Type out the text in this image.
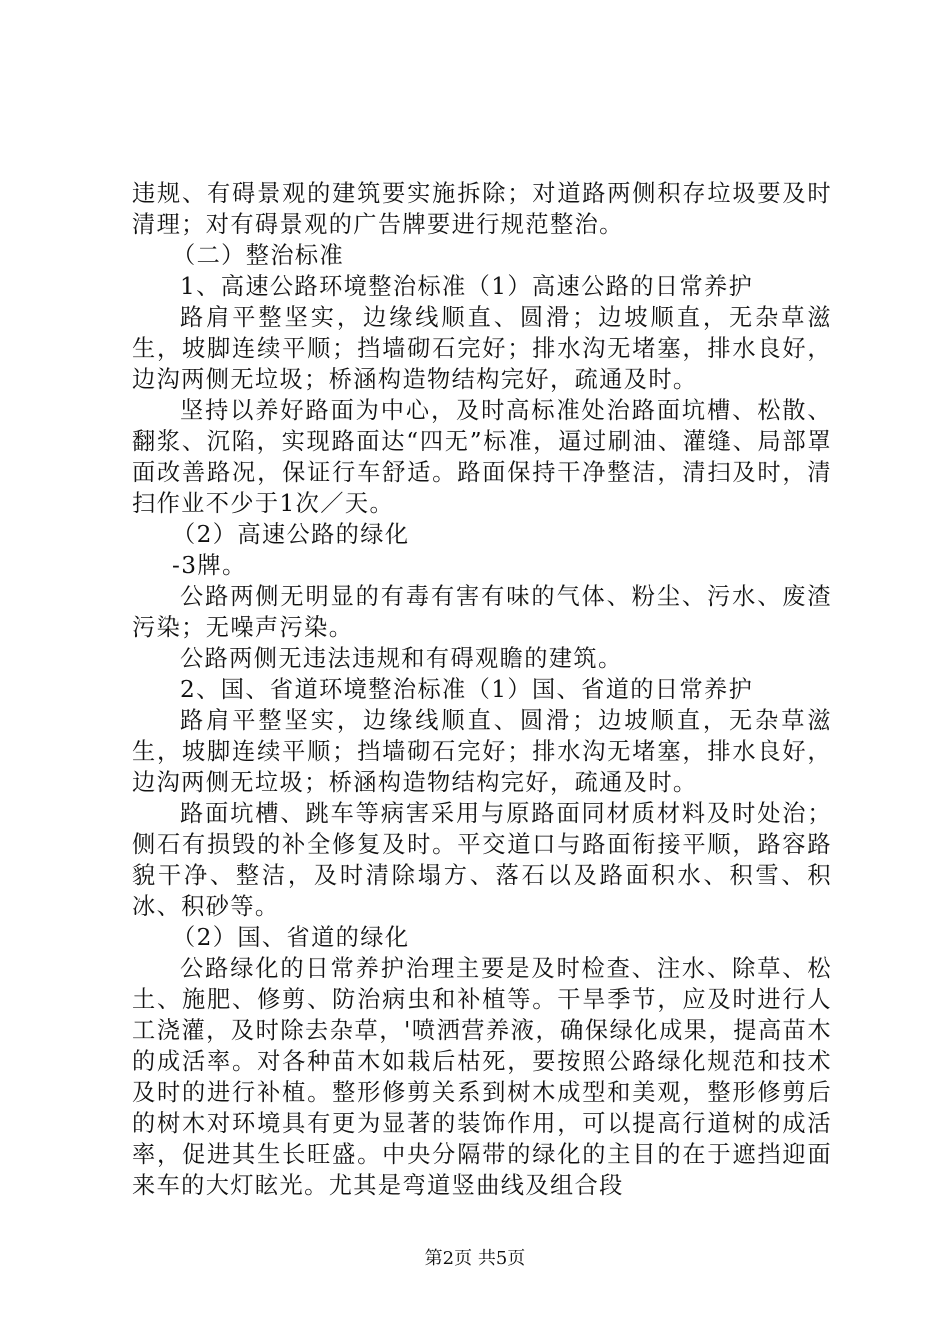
违规、有碍景观的建筑要实施拆除；对道路两侧积存垃圾要及时清理；对有碍景观的广告牌要进行规范整治。

（二）整治标准

1、高速公路环境整治标准（1）高速公路的日常养护

路肩平整坚实，边缘线顺直、圆滑；边坡顺直，无杂草滋生，坡脚连续平顺；挡墙砌石完好；排水沟无堵塞，排水良好，边沟两侧无垃圾；桥涵构造物结构完好，疏通及时。

坚持以养好路面为中心，及时高标准处治路面坑槽、松散、翻浆、沉陷，实现路面达“四无”标准，逼过刷油、灌缝、局部罩面改善路况，保证行车舒适。路面保持干净整洁，清扫及时，清扫作业不少于1次／天。

（2）高速公路的绿化

-3牌。

公路两侧无明显的有毒有害有味的气体、粉尘、污水、废渣污染；无噪声污染。

公路两侧无违法违规和有碍观瞻的建筑。

2、国、省道环境整治标准（1）国、省道的日常养护

路肩平整坚实，边缘线顺直、圆滑；边坡顺直，无杂草滋生，坡脚连续平顺；挡墙砌石完好；排水沟无堵塞，排水良好，边沟两侧无垃圾；桥涵构造物结构完好，疏通及时。

路面坑槽、跳车等病害采用与原路面同材质材料及时处治；侧石有损毁的补全修复及时。平交道口与路面衔接平顺，路容路貌干净、整洁，及时清除塌方、落石以及路面积水、积雪、积冰、积砂等。

（2）国、省道的绿化

公路绿化的日常养护治理主要是及时检查、注水、除草、松土、施肥、修剪、防治病虫和补植等。干旱季节，应及时进行人工浇灌，及时除去杂草，'喷洒营养液，确保绿化成果，提高苗木的成活率。对各种苗木如栽后枯死，要按照公路绿化规范和技术及时的进行补植。整形修剪关系到树木成型和美观，整形修剪后的树木对环境具有更为显著的装饰作用，可以提高行道树的成活率，促进其生长旺盛。中央分隔带的绿化的主目的在于遮挡迎面来车的大灯眩光。尤其是弯道竖曲线及组合段

第2页 共5页
